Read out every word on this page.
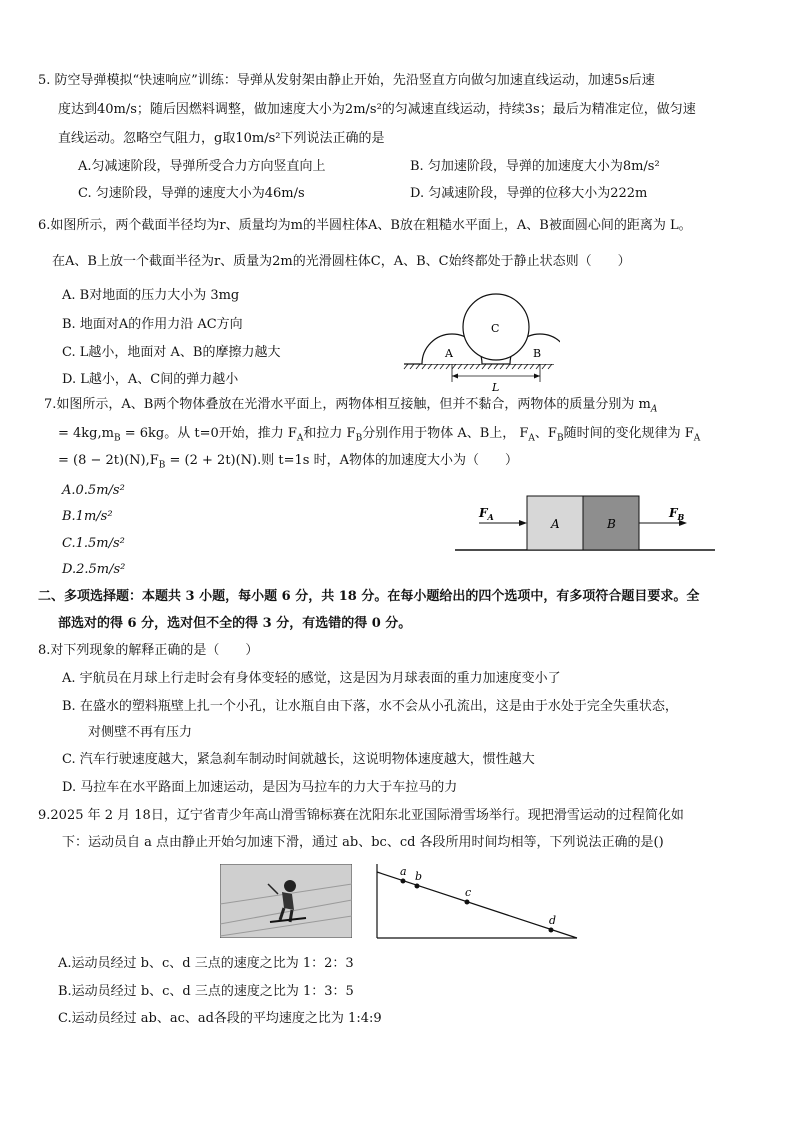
5. 防空导弹模拟“快速响应”训练：导弹从发射架由静止开始，先沿竖直方向做匀加速直线运动，加速5s后速
度达到40m/s；随后因燃料调整，做加速度大小为2m/s²的匀减速直线运动，持续3s；最后为精准定位，做匀速
直线运动。忽略空气阻力，g取10m/s²下列说法正确的是
A.匀减速阶段，导弹所受合力方向竖直向上	B. 匀加速阶段，导弹的加速度大小为8m/s²
C. 匀速阶段，导弹的速度大小为46m/s	D. 匀减速阶段，导弹的位移大小为222m
6.如图所示，两个截面半径均为r、质量均为m的半圆柱体A、B放在粗糙水平面上，A、B被面圆心间的距离为 L。
在A、B上放一个截面半径为r、质量为2m的光滑圆柱体C，A、B、C始终都处于静止状态则（　　）
A. B对地面的压力大小为 3mg
B. 地面对A的作用力沿 AC方向
C. L越小，地面对 A、B的摩擦力越大
D. L越小，A、C间的弹力越小
A	B
C
L
7.如图所示，A、B两个物体叠放在光滑水平面上，两物体相互接触，但并不黏合，两物体的质量分别为 $m_A$
= $4kg,m_B = 6kg$。从 t=0开始，推力 $F_A$和拉力 $F_B$分别作用于物体 A、B上， $F_A$、$F_B$随时间的变化规律为 $F_A$
= $(8 - 2t)(N),F_B = (2 + 2t)(N)$.则 t=1s 时，A物体的加速度大小为（　　）
A.0.5m/s²
B.1m/s²
C.1.5m/s²
D.2.5m/s²
A	B
$F_A$	$F_B$
二、多项选择题：本题共 3 小题，每小题 6 分，共 18 分。在每小题给出的四个选项中，有多项符合题目要求。全
部选对的得 6 分，选对但不全的得 3 分，有选错的得 0 分。
8.对下列现象的解释正确的是（　　）
A. 宇航员在月球上行走时会有身体变轻的感觉，这是因为月球表面的重力加速度变小了
B. 在盛水的塑料瓶壁上扎一个小孔，让水瓶自由下落，水不会从小孔流出，这是由于水处于完全失重状态，
对侧壁不再有压力
C. 汽车行驶速度越大，紧急刹车制动时间就越长，这说明物体速度越大，惯性越大
D. 马拉车在水平路面上加速运动，是因为马拉车的力大于车拉马的力
9.2025 年 2 月 18日，辽宁省青少年高山滑雪锦标赛在沈阳东北亚国际滑雪场举行。现把滑雪运动的过程简化如
下：运动员自 a 点由静止开始匀加速下滑，通过 ab、bc、cd 各段所用时间均相等，下列说法正确的是()
a b
c
d
A.运动员经过 b、c、d 三点的速度之比为 1：2：3
B.运动员经过 b、c、d 三点的速度之比为 1：3：5
C.运动员经过 ab、ac、ad各段的平均速度之比为 1:4:9
